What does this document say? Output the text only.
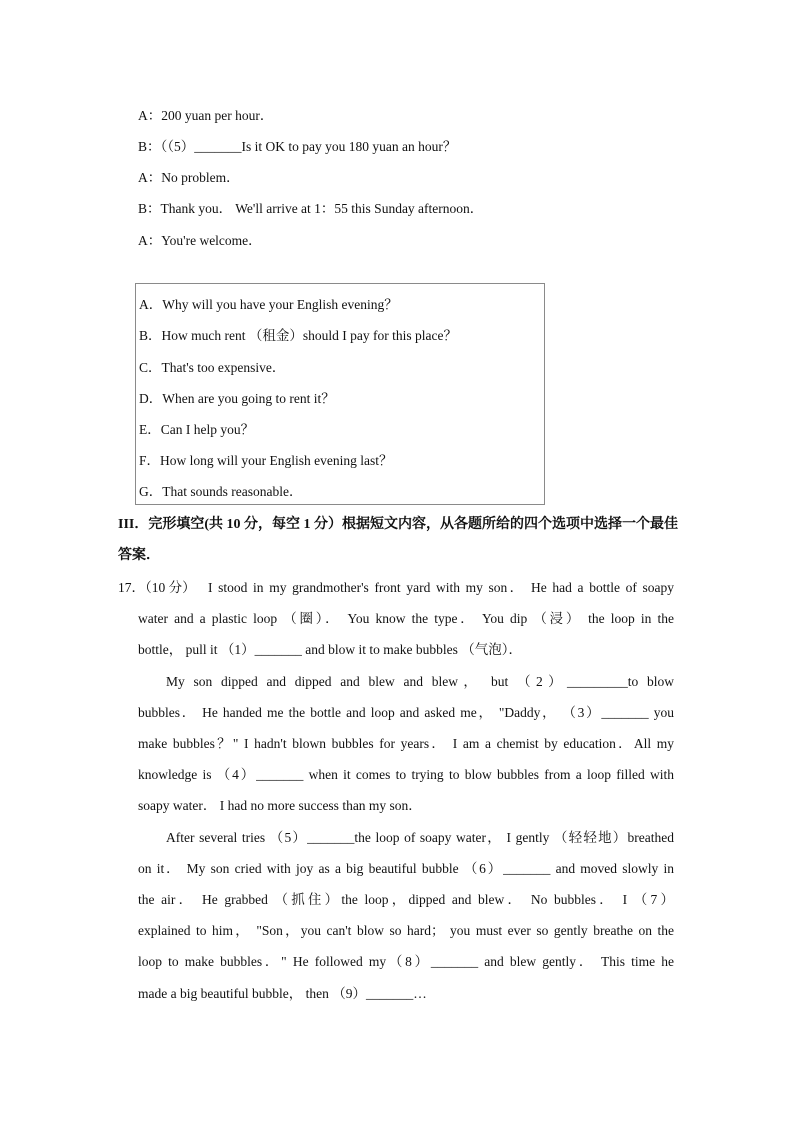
A：200 yuan per hour．
B：（（5）_______Is it OK to pay you 180 yuan an hour？
A：No problem．
B：Thank you． We'll arrive at 1：55 this Sunday afternoon．
A：You're welcome．
A．Why will you have your English evening？
B．How much rent （租金）should I pay for this place？
C．That's too expensive．
D．When are you going to rent it？
E．Can I help you？
F．How long will your English evening last？
G．That sounds reasonable．
III．完形填空(共 10 分，每空 1 分）根据短文内容，从各题所给的四个选项中选择一个最佳
答案．
17．（10 分） I stood in my grandmother's front yard with my son． He had a bottle of soapy
water and a plastic loop （圈）． You know the type． You dip （浸） the loop in the
bottle， pull it （1）_______ and blow it to make bubbles （气泡）．
My son dipped and dipped and blew and blew， but （2）_________to blow
bubbles． He handed me the bottle and loop and asked me， "Daddy， （3）_______ you
make bubbles？" I hadn't blown bubbles for years． I am a chemist by education．All my
knowledge is （4）_______ when it comes to trying to blow bubbles from a loop filled with
soapy water． I had no more success than my son．
After several tries （5）_______the loop of soapy water， I gently （轻轻地）breathed
on it． My son cried with joy as a big beautiful bubble （6）_______ and moved slowly in
the air． He grabbed （抓住）the loop，dipped and blew． No bubbles． I （7）
explained to him， "Son，you can't blow so hard； you must ever so gently breathe on the
loop to make bubbles．" He followed my（8）_______ and blew gently． This time he
made a big beautiful bubble， then （9）_______…
